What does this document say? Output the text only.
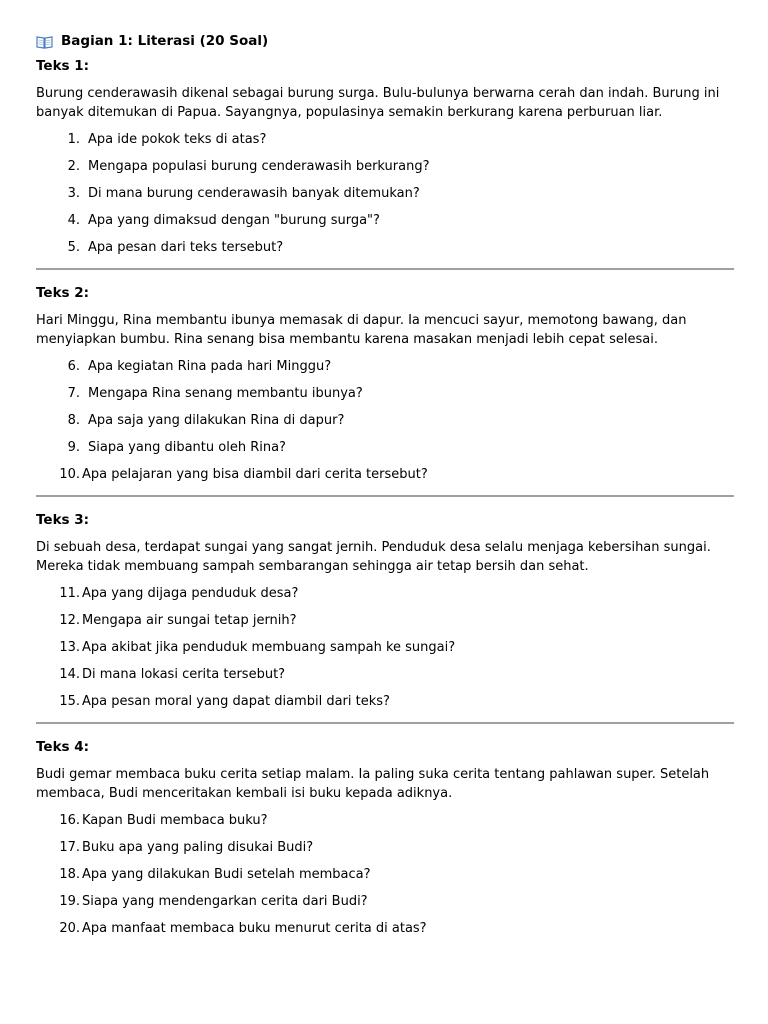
Bagian 1: Literasi (20 Soal)
Teks 1:

Burung cenderawasih dikenal sebagai burung surga. Bulu-bulunya berwarna cerah dan indah. Burung ini banyak ditemukan di Papua. Sayangnya, populasinya semakin berkurang karena perburuan liar.

1. Apa ide pokok teks di atas?
2. Mengapa populasi burung cenderawasih berkurang?
3. Di mana burung cenderawasih banyak ditemukan?
4. Apa yang dimaksud dengan "burung surga"?
5. Apa pesan dari teks tersebut?
Teks 2:

Hari Minggu, Rina membantu ibunya memasak di dapur. Ia mencuci sayur, memotong bawang, dan menyiapkan bumbu. Rina senang bisa membantu karena masakan menjadi lebih cepat selesai.

6. Apa kegiatan Rina pada hari Minggu?
7. Mengapa Rina senang membantu ibunya?
8. Apa saja yang dilakukan Rina di dapur?
9. Siapa yang dibantu oleh Rina?
10. Apa pelajaran yang bisa diambil dari cerita tersebut?
Teks 3:

Di sebuah desa, terdapat sungai yang sangat jernih. Penduduk desa selalu menjaga kebersihan sungai. Mereka tidak membuang sampah sembarangan sehingga air tetap bersih dan sehat.

11. Apa yang dijaga penduduk desa?
12. Mengapa air sungai tetap jernih?
13. Apa akibat jika penduduk membuang sampah ke sungai?
14. Di mana lokasi cerita tersebut?
15. Apa pesan moral yang dapat diambil dari teks?
Teks 4:

Budi gemar membaca buku cerita setiap malam. Ia paling suka cerita tentang pahlawan super. Setelah membaca, Budi menceritakan kembali isi buku kepada adiknya.

16. Kapan Budi membaca buku?
17. Buku apa yang paling disukai Budi?
18. Apa yang dilakukan Budi setelah membaca?
19. Siapa yang mendengarkan cerita dari Budi?
20. Apa manfaat membaca buku menurut cerita di atas?
